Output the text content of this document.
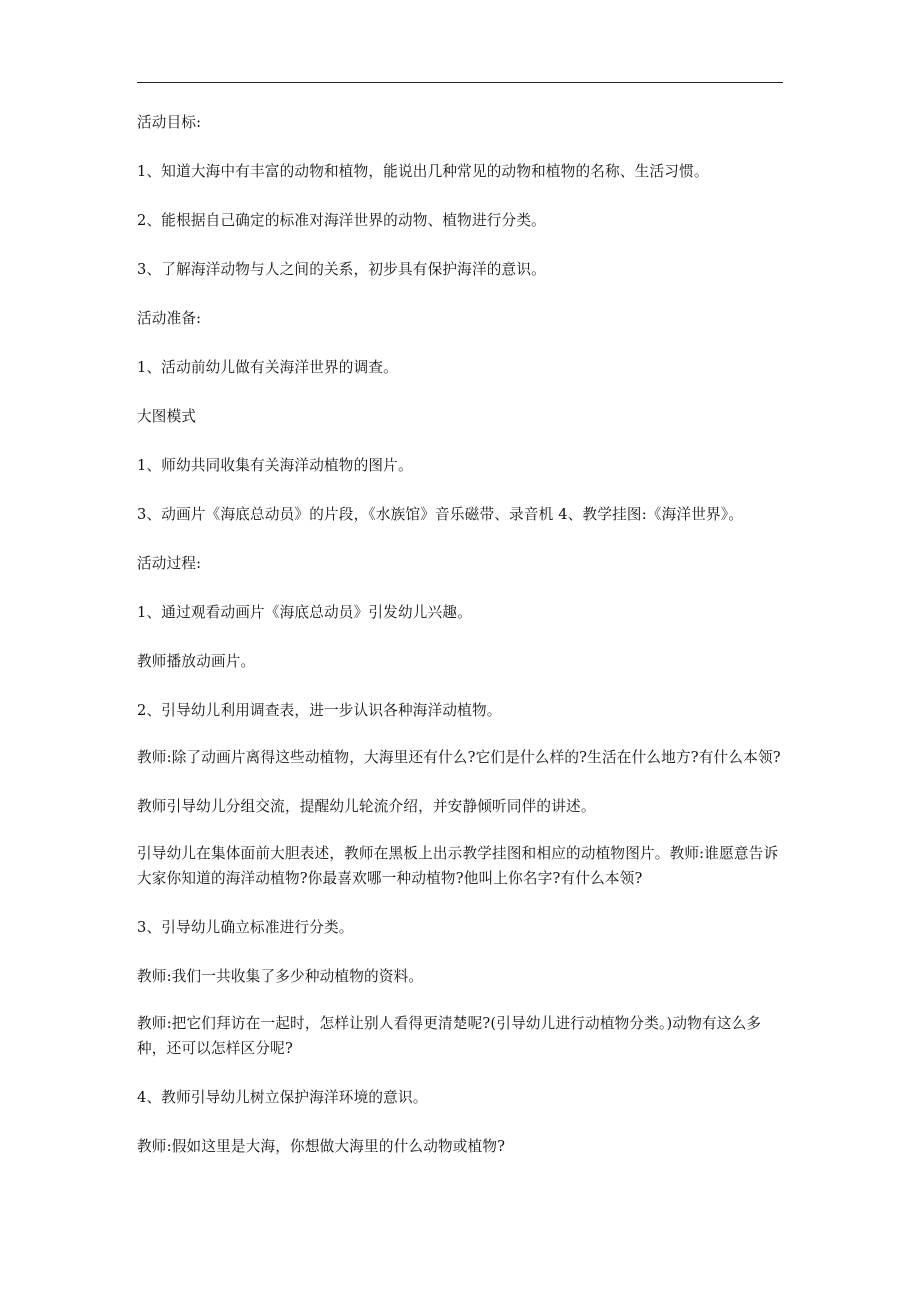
活动目标:

1、知道大海中有丰富的动物和植物，能说出几种常见的动物和植物的名称、生活习惯。

2、能根据自己确定的标准对海洋世界的动物、植物进行分类。

3、了解海洋动物与人之间的关系，初步具有保护海洋的意识。

活动准备:

1、活动前幼儿做有关海洋世界的调查。

大图模式

1、师幼共同收集有关海洋动植物的图片。

3、动画片《海底总动员》的片段，《水族馆》音乐磁带、录音机 4、教学挂图:《海洋世界》。

活动过程:

1、通过观看动画片《海底总动员》引发幼儿兴趣。

教师播放动画片。

2、引导幼儿利用调查表，进一步认识各种海洋动植物。

教师:除了动画片离得这些动植物，大海里还有什么?它们是什么样的?生活在什么地方?有什么本领?

教师引导幼儿分组交流，提醒幼儿轮流介绍，并安静倾听同伴的讲述。

引导幼儿在集体面前大胆表述，教师在黑板上出示教学挂图和相应的动植物图片。教师:谁愿意告诉大家你知道的海洋动植物?你最喜欢哪一种动植物?他叫上你名字?有什么本领?

3、引导幼儿确立标准进行分类。

教师:我们一共收集了多少种动植物的资料。

教师:把它们拜访在一起时，怎样让别人看得更清楚呢?(引导幼儿进行动植物分类。)动物有这么多种，还可以怎样区分呢?

4、教师引导幼儿树立保护海洋环境的意识。

教师:假如这里是大海，你想做大海里的什么动物或植物?
